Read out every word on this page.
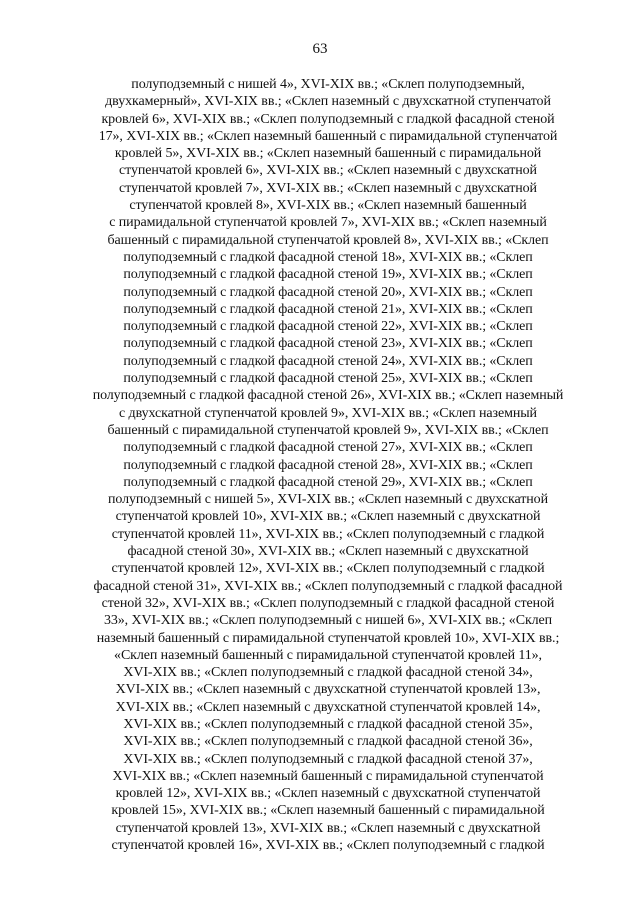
63
полуподземный с нишей 4», XVI-XIX вв.; «Склеп полуподземный,
двухкамерный», XVI-XIX вв.; «Склеп наземный с двухскатной ступенчатой
кровлей 6», XVI-XIX вв.; «Склеп полуподземный с гладкой фасадной стеной
17», XVI-XIX вв.; «Склеп наземный башенный с пирамидальной ступенчатой
кровлей 5», XVI-XIX вв.; «Склеп наземный башенный с пирамидальной
ступенчатой кровлей 6», XVI-XIX вв.; «Склеп наземный с двухскатной
ступенчатой кровлей 7», XVI-XIX вв.; «Склеп наземный с двухскатной
ступенчатой кровлей 8», XVI-XIX вв.; «Склеп наземный башенный
с пирамидальной ступенчатой кровлей 7», XVI-XIX вв.; «Склеп наземный
башенный с пирамидальной ступенчатой кровлей 8», XVI-XIX вв.; «Склеп
полуподземный с гладкой фасадной стеной 18», XVI-XIX вв.; «Склеп
полуподземный с гладкой фасадной стеной 19», XVI-XIX вв.; «Склеп
полуподземный с гладкой фасадной стеной 20», XVI-XIX вв.; «Склеп
полуподземный с гладкой фасадной стеной 21», XVI-XIX вв.; «Склеп
полуподземный с гладкой фасадной стеной 22», XVI-XIX вв.; «Склеп
полуподземный с гладкой фасадной стеной 23», XVI-XIX вв.; «Склеп
полуподземный с гладкой фасадной стеной 24», XVI-XIX вв.; «Склеп
полуподземный с гладкой фасадной стеной 25», XVI-XIX вв.; «Склеп
полуподземный с гладкой фасадной стеной 26», XVI-XIX вв.; «Склеп наземный
с двухскатной ступенчатой кровлей 9», XVI-XIX вв.; «Склеп наземный
башенный с пирамидальной ступенчатой кровлей 9», XVI-XIX вв.; «Склеп
полуподземный с гладкой фасадной стеной 27», XVI-XIX вв.; «Склеп
полуподземный с гладкой фасадной стеной 28», XVI-XIX вв.; «Склеп
полуподземный с гладкой фасадной стеной 29», XVI-XIX вв.; «Склеп
полуподземный с нишей 5», XVI-XIX вв.; «Склеп наземный с двухскатной
ступенчатой кровлей 10», XVI-XIX вв.; «Склеп наземный с двухскатной
ступенчатой кровлей 11», XVI-XIX вв.; «Склеп полуподземный с гладкой
фасадной стеной 30», XVI-XIX вв.; «Склеп наземный с двухскатной
ступенчатой кровлей 12», XVI-XIX вв.; «Склеп полуподземный с гладкой
фасадной стеной 31», XVI-XIX вв.; «Склеп полуподземный с гладкой фасадной
стеной 32», XVI-XIX вв.; «Склеп полуподземный с гладкой фасадной стеной
33», XVI-XIX вв.; «Склеп полуподземный с нишей 6», XVI-XIX вв.; «Склеп
наземный башенный с пирамидальной ступенчатой кровлей 10», XVI-XIX вв.;
«Склеп наземный башенный с пирамидальной ступенчатой кровлей 11»,
XVI-XIX вв.; «Склеп полуподземный с гладкой фасадной стеной 34»,
XVI-XIX вв.; «Склеп наземный с двухскатной ступенчатой кровлей 13»,
XVI-XIX вв.; «Склеп наземный с двухскатной ступенчатой кровлей 14»,
XVI-XIX вв.; «Склеп полуподземный с гладкой фасадной стеной 35»,
XVI-XIX вв.; «Склеп полуподземный с гладкой фасадной стеной 36»,
XVI-XIX вв.; «Склеп полуподземный с гладкой фасадной стеной 37»,
XVI-XIX вв.; «Склеп наземный башенный с пирамидальной ступенчатой
кровлей 12», XVI-XIX вв.; «Склеп наземный с двухскатной ступенчатой
кровлей 15», XVI-XIX вв.; «Склеп наземный башенный с пирамидальной
ступенчатой кровлей 13», XVI-XIX вв.; «Склеп наземный с двухскатной
ступенчатой кровлей 16», XVI-XIX вв.; «Склеп полуподземный с гладкой
